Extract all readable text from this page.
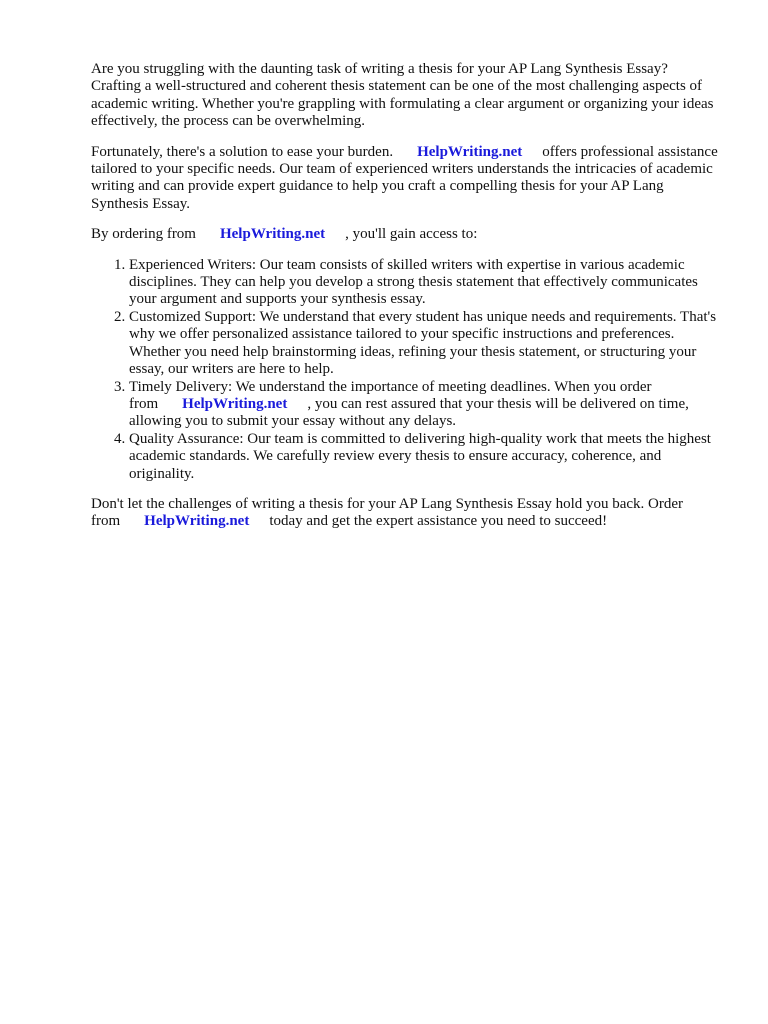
Are you struggling with the daunting task of writing a thesis for your AP Lang Synthesis Essay? Crafting a well-structured and coherent thesis statement can be one of the most challenging aspects of academic writing. Whether you're grappling with formulating a clear argument or organizing your ideas effectively, the process can be overwhelming.

Fortunately, there's a solution to ease your burden. HelpWriting.net offers professional assistance tailored to your specific needs. Our team of experienced writers understands the intricacies of academic writing and can provide expert guidance to help you craft a compelling thesis for your AP Lang Synthesis Essay.

By ordering from HelpWriting.net , you'll gain access to:

1. Experienced Writers: Our team consists of skilled writers with expertise in various academic disciplines. They can help you develop a strong thesis statement that effectively communicates your argument and supports your synthesis essay.
2. Customized Support: We understand that every student has unique needs and requirements. That's why we offer personalized assistance tailored to your specific instructions and preferences. Whether you need help brainstorming ideas, refining your thesis statement, or structuring your essay, our writers are here to help.
3. Timely Delivery: We understand the importance of meeting deadlines. When you order from HelpWriting.net , you can rest assured that your thesis will be delivered on time, allowing you to submit your essay without any delays.
4. Quality Assurance: Our team is committed to delivering high-quality work that meets the highest academic standards. We carefully review every thesis to ensure accuracy, coherence, and originality.

Don't let the challenges of writing a thesis for your AP Lang Synthesis Essay hold you back. Order from HelpWriting.net today and get the expert assistance you need to succeed!
